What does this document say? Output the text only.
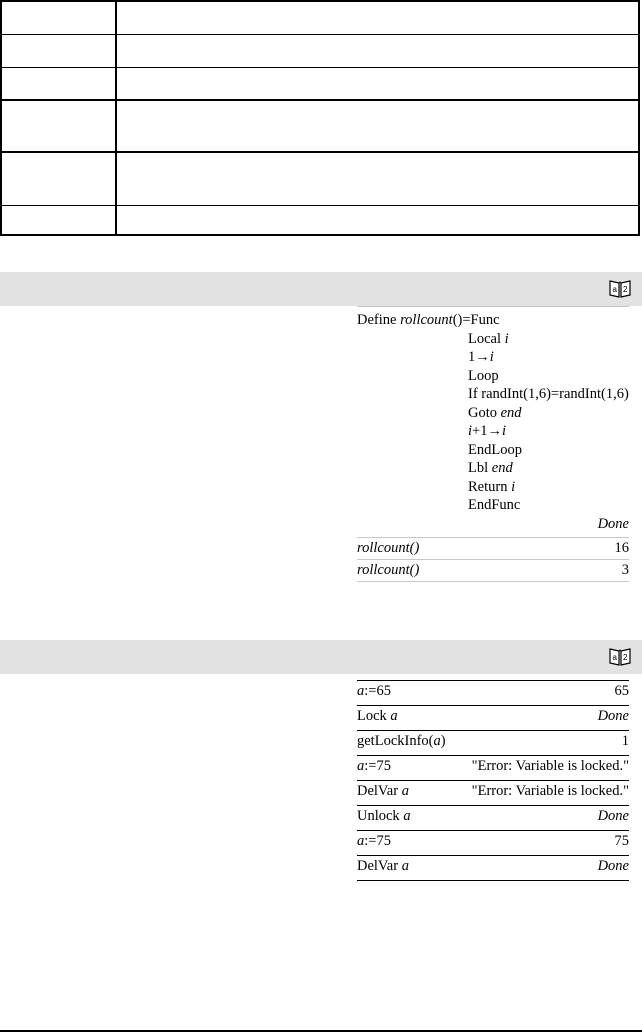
a 2
Define rollcount()=Func
Local i
1→i
Loop
If randInt(1,6)=randInt(1,6)
Goto end
i+1→i
EndLoop
Lbl end
Return i
EndFunc
Done
rollcount()	16
rollcount()	3
a 2
a:=65	65
Lock a	Done
getLockInfo(a)	1
a:=75	"Error: Variable is locked."
DelVar a	"Error: Variable is locked."
Unlock a	Done
a:=75	75
DelVar a	Done
